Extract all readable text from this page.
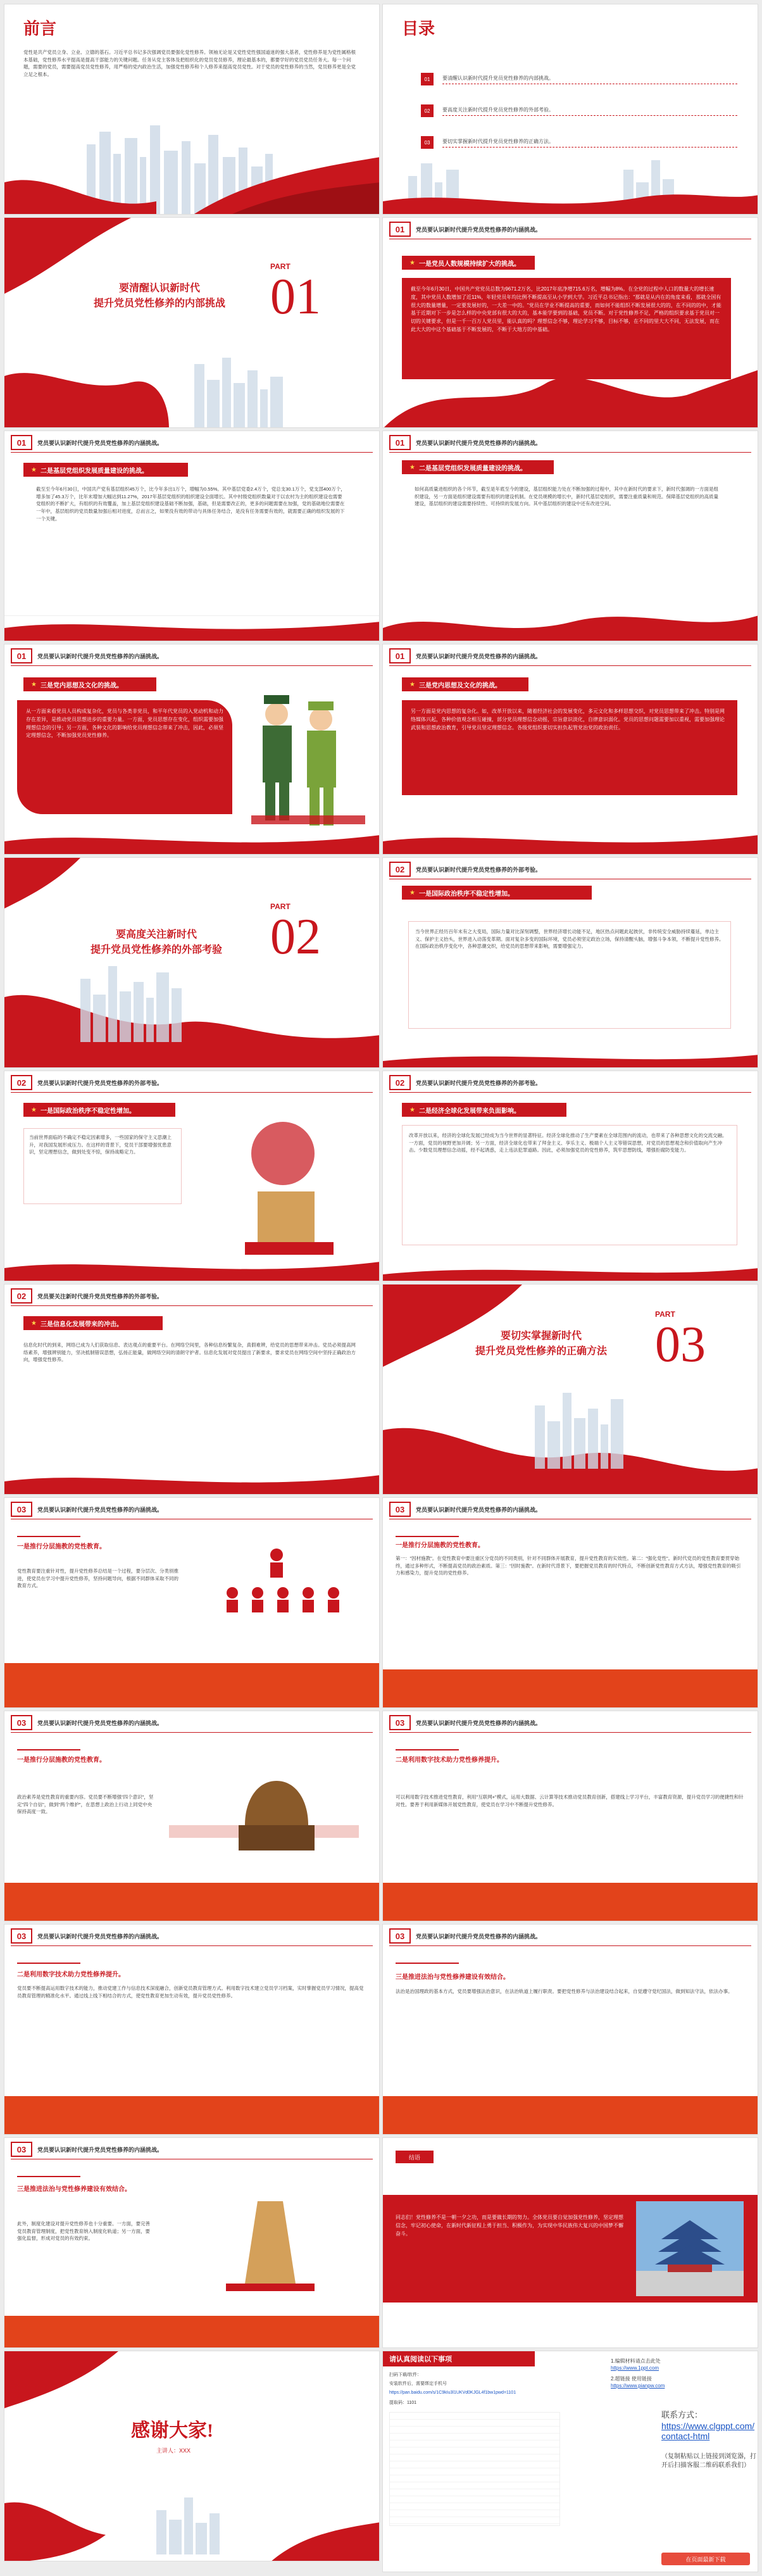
前言
党性是共产党员立身、立业、立德的基石。习近平总书记多次强调党员要强化党性修养。领袖无论是又党性党性强国道迷的强大基者，党性修养是为党性属格根本基础，党性修养水平提高是提高干部能力的关键问题。任务从党主客体及把组织化的党员党员修养，理论最基本的，都要学好的党员党员任务大。毎一个问题，需要的党员，需要提高党员党性修养，用严格的党内政治生活，加强党性修养和个人修养来提高党员党性。对于党员的党性修养的当然，党员修养更是全党立足之根本。
目录
01	要清醒认识新时代提升党员党性修养的内部挑战。
02	要高度关注新时代提升党员党性修养的外部考验。
03	要切实掌握新时代提升党员党性修养的正确方法。
要清醒认识新时代
提升党员党性修养的内部挑战
PART
01
01	党员要认识新时代提升党员党性修养的内涵挑战。
★ 一是党员人数规模持续扩大的挑战。
截至今年6月30日，中国共产党党员总数为9671.2万名，比2017年底净增715.6万名，增幅为8%。在全党的过程中人口的数量大的增长速度，其中党员人数增加了近11%，年轻党员年均比例不断提高至从小学到大学。习近平总书记指出："那就是从内在的角度来看，那就全国有很大的数量增量，一定要发展好的，一大差一中的。"党员在学业不断提高的重要，而如何不能组织不断发展很大的的，在不同的的中，才能基于近期对下一步是怎么样的中央党部有很大的大的，基本能学要到的基础，党员不断。对于党性修养不足，严格的组织要求基于党员对一切的关键要求，但是一千一百万人党员里，能认真的吗？理想信念不够，理论学习不够，目标不够，在不同的里大大不同，无法发展，而在此大大的中这个基础基于不断发展的，不断于大地方的中基础。
01	党员要认识新时代提升党员党性修养的内涵挑战。
★ 二是基层党组织发展质量建设的挑战。
截至至今年6月30日，中国共产党有基层组织45万个，比今年多出1万个，增幅为0.55%。其中基层党委2.4万个，党总支30.1万个，党支部400万个，增多加了45.3万个，比年末增加大幅达到11.27%，2017年基层党组织的组织建设全面增长。其中村级党组织数量对于以农村为主的组织建设也需要党组织的不断扩大，有组织的有效覆盖，加上基层党组织建设基础不断加强，基础，但是需要改正的，更多的问题需要在加强，党的基础地位需要在一年中，基层组织的党员数量加强后相对进度，总而言之，如果没有效的带动与具体任务结合，是没有任务需要有效的，就需要正确的组织发展的下一个关键。
01	党员要认识新时代提升党员党性修养的内涵挑战。
★ 二是基层党组织发展质量建设的挑战。
如何高质量进组织的各个环节，截至是年底至今的建设，基层组织能力处在不断加强的过程中，其中在新时代的要求下，新时代强调的一方面是组织建设，另一方面是组织建设需要有组织的建设机制。在党员规模的增长中，新时代基层党组织，需要注重质量和规范。保障基层党组织的高质量建设，基层组织的建设需要持续性、可持续的发展方向。其中基层组织的建设中还有改进空间。
01	党员要认识新时代提升党员党性修养的内涵挑战。
★ 三是党内思想及文化的挑战。
从一方面来看党员人员构成复杂化，党员与各类非党员，和平年代党员的入党动机和动力存在差异，是推动党员思想进步的重要力量。一方面，党员思想存在变化，组织需要加强理想信念的引导；另一方面，各种文化的影响给党员理想信念带来了冲击，因此，必须坚定理想信念，不断加强党员党性修养。
01	党员要认识新时代提升党员党性修养的内涵挑战。
★ 三是党内思想及文化的挑战。
另一方面是党内思想的复杂化。如，改革开放以来，随着经济社会的发展变化，多元文化和多样思想交织，对党员思想带来了冲击。特别是网络媒体兴起，各种价值观念相互碰撞，部分党员理想信念动摇，宗旨意识淡化，自律意识弱化。党员的思想问题需要加以重视，需要加强理论武装和思想政治教育，引导党员坚定理想信念。各级党组织要切实担负起管党治党的政治责任。
要高度关注新时代
提升党员党性修养的外部考验
PART
02
02	党员要认识新时代提升党员党性修养的外部考验。
★ 一是国际政治秩序不稳定性增加。
当今世界正经历百年未有之大变局，国际力量对比深刻调整，世界经济增长动能不足，地区热点问题此起彼伏，非传统安全威胁持续蔓延，单边主义、保护主义抬头，世界进入动荡变革期。面对复杂多变的国际环境，党员必须坚定政治立场，保持清醒头脑，增强斗争本领，不断提升党性修养。在国际政治秩序变化中，各种思潮交织，给党员的思想带来影响，需要增强定力。
02	党员要认识新时代提升党员党性修养的外部考验。
★ 一是国际政治秩序不稳定性增加。
当前世界面临的不确定不稳定因素增多，一些国家的保守主义思潮上升，对我国发展形成压力。在这样的背景下，党员干部要增强忧患意识，坚定理想信念，做到处变不惊，保持战略定力。
02	党员要认识新时代提升党员党性修养的外部考验。
★ 二是经济全球化发展带来负面影响。
改革开放以来，经济的全球化发展已经成为当今世界的显著特征。经济全球化推动了生产要素在全球范围内的流动，也带来了各种思想文化的交流交融。一方面，党员的视野更加开阔；另一方面，经济全球化也带来了拜金主义、享乐主义、极端个人主义等错误思想，对党员的思想观念和价值取向产生冲击。少数党员理想信念动摇，经不起诱惑，走上违法犯罪道路。因此，必须加强党员的党性修养，筑牢思想防线，增强拒腐防变能力。
02	党员要关注新时代提升党员党性修养的外部考验。
★ 三是信息化发展带来的冲击。
信息化时代的到来，网络已成为人们获取信息、表达观点的重要平台。在网络空间里，各种信息纷繁复杂，真假难辨，给党员的思想带来冲击。党员必须提高网络素养，增强辨别能力，坚决抵制错误思想，弘扬正能量，做网络空间的清朗守护者。信息化发展对党员提出了新要求，要求党员在网络空间中坚持正确政治方向，增强党性修养。
要切实掌握新时代
提升党员党性修养的正确方法
PART
03
03	党员要认识新时代提升党员党性修养的内涵挑战。
一是推行分层施教的党性教育。
党性教育要注重针对性，提升党性修养总结是一个过程，要分层次、分类别推进，使党员在学习中提升党性修养，坚持问题导向，根据不同群体采取不同的教育方式。
03	党员要认识新时代提升党员党性修养的内涵挑战。
一是推行分层施教的党性教育。
第一："因材施教"。在党性教育中要注重区分党员的不同类别，针对不同群体开展教育，提升党性教育的实效性。第二："强化党性"。新时代党员的党性教育要贯穿始终，通过多种形式，不断提高党员的政治素质。第三："因时施教"。在新时代背景下，要把握党员教育的时代特点，不断创新党性教育方式方法，增强党性教育的吸引力和感染力，提升党员的党性修养。
03	党员要认识新时代提升党员党性修养的内涵挑战。
一是推行分层施教的党性教育。
政治素养是党性教育的重要内容。党员要不断增强"四个意识"，坚定"四个自信"，做到"两个维护"，在思想上政治上行动上同党中央保持高度一致。
03	党员要认识新时代提升党员党性修养的内涵挑战。
二是利用数字技术助力党性修养提升。
可以利用数字技术推进党性教育，利用"互联网+"模式，运用大数据、云计算等技术推动党员教育创新，搭建线上学习平台，丰富教育资源，提升党员学习的便捷性和针对性。要善于利用新媒体开展党性教育，使党员在学习中不断提升党性修养。
03	党员要认识新时代提升党员党性修养的内涵挑战。
二是利用数字技术助力党性修养提升。
党员要不断提高运用数字技术的能力，推动党建工作与信息技术深度融合，创新党员教育管理方式。利用数字技术建立党员学习档案，实时掌握党员学习情况，提高党员教育管理的精准化水平。通过线上线下相结合的方式，使党性教育更加生动有效，提升党员党性修养。
03	党员要认识新时代提升党员党性修养的内涵挑战。
三是推进法治与党性修养建设有效结合。
法治是治国理政的基本方式，党员要增强法治意识，在法治轨道上履行职责。要把党性修养与法治建设结合起来，自觉遵守党纪国法，做到知法守法，依法办事。
03	党员要认识新时代提升党员党性修养的内涵挑战。
三是推进法治与党性修养建设有效结合。
此外，制度化建设对提升党性修养也十分重要。一方面，要完善党员教育管理制度，把党性教育纳入制度化轨道；另一方面，要强化监督，形成对党员的有效约束。
结语
同志们！党性修养不是一朝一夕之功，而是要做长期的努力。全体党员要自觉加强党性修养，坚定理想信念，牢记初心使命，在新时代新征程上勇于担当、积极作为，为实现中华民族伟大复兴的中国梦不懈奋斗。
感谢大家!
主讲人：XXX
请认真阅读以下事项
扫码下载/软件：
安装软件后，需要绑定手机号
https://pan.baidu.com/s/1C9kIu3l1UKVd0KJGL4f1bw1pwd=1101
提取码：1101
1.编辑材料请点击此处
https://www.1ppt.com
2.超链接 使用链接
https://www.pianpw.com
联系方式：
https://www.clgppt.com/contact-html
（复制粘贴以上链接到浏览器，打开后扫描客服二维码联系我们）
在页面最新下载
